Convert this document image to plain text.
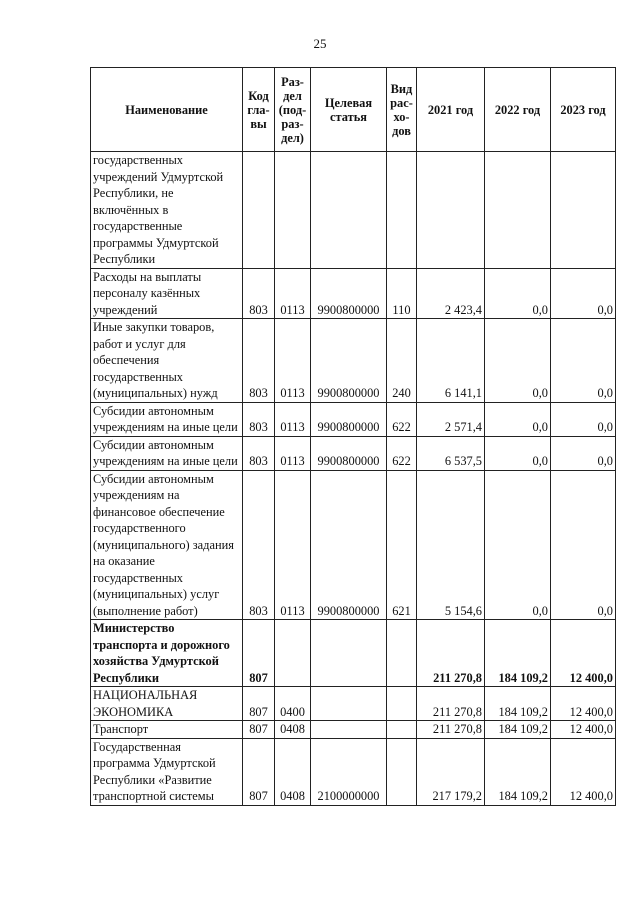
25
Наименование	Код гла- вы	Раз- дел (под- раз- дел)	Целевая статья	Вид рас- хо- дов	2021 год	2022 год	2023 год
государственных учреждений Удмуртской Республики, не включённых в государственные программы Удмуртской Республики							
Расходы на выплаты персоналу казённых учреждений	803	0113	9900800000	110	2 423,4	0,0	0,0
Иные закупки товаров, работ и услуг для обеспечения государственных (муниципальных) нужд	803	0113	9900800000	240	6 141,1	0,0	0,0
Субсидии автономным учреждениям на иные цели	803	0113	9900800000	622	2 571,4	0,0	0,0
Субсидии автономным учреждениям на иные цели	803	0113	9900800000	622	6 537,5	0,0	0,0
Субсидии автономным учреждениям на финансовое обеспечение государственного (муниципального) задания на оказание государственных (муниципальных) услуг (выполнение работ)	803	0113	9900800000	621	5 154,6	0,0	0,0
Министерство транспорта и дорожного хозяйства Удмуртской Республики	807				211 270,8	184 109,2	12 400,0
НАЦИОНАЛЬНАЯ ЭКОНОМИКА	807	0400			211 270,8	184 109,2	12 400,0
Транспорт	807	0408			211 270,8	184 109,2	12 400,0
Государственная программа Удмуртской Республики «Развитие транспортной системы	807	0408	2100000000		217 179,2	184 109,2	12 400,0
